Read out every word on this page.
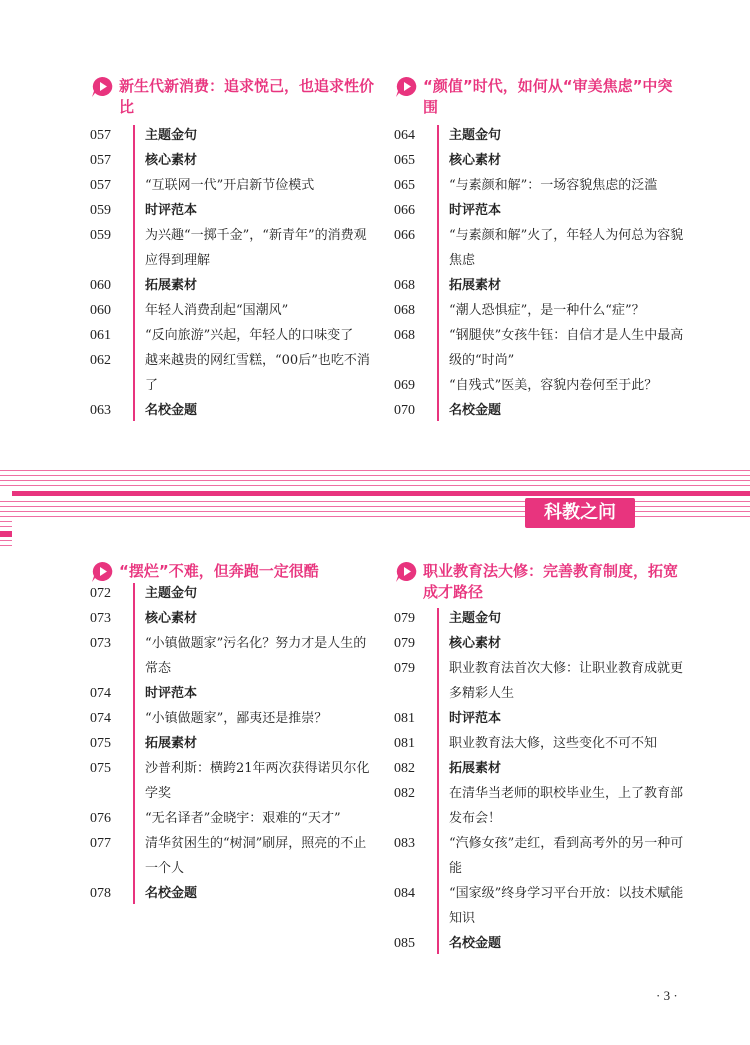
新生代新消费：追求悦己，也追求性价比
057	主题金句
057	核心素材
057	“互联网一代”开启新节俭模式
059	时评范本
059	为兴趣“一掷千金”，“新青年”的消费观应得到理解
060	拓展素材
060	年轻人消费刮起“国潮风”
061	“反向旅游”兴起，年轻人的口味变了
062	越来越贵的网红雪糕，“00后”也吃不消了
063	名校金题
“颜值”时代，如何从“审美焦虑”中突围
064	主题金句
065	核心素材
065	“与素颜和解”：一场容貌焦虑的泛滥
066	时评范本
066	“与素颜和解”火了，年轻人为何总为容貌焦虑
068	拓展素材
068	“潮人恐惧症”，是一种什么“症”？
068	“钢腿侠”女孩牛钰：自信才是人生中最高级的“时尚”
069	“自残式”医美，容貌内卷何至于此？
070	名校金题
科教之问
“摆烂”不难，但奔跑一定很酷
072	主题金句
073	核心素材
073	“小镇做题家”污名化？努力才是人生的常态
074	时评范本
074	“小镇做题家”，鄙夷还是推崇？
075	拓展素材
075	沙普利斯：横跨21年两次获得诺贝尔化学奖
076	“无名译者”金晓宇：艰难的“天才”
077	清华贫困生的“树洞”刷屏，照亮的不止一个人
078	名校金题
职业教育法大修：完善教育制度，拓宽成才路径
079	主题金句
079	核心素材
079	职业教育法首次大修：让职业教育成就更多精彩人生
081	时评范本
081	职业教育法大修，这些变化不可不知
082	拓展素材
082	在清华当老师的职校毕业生，上了教育部发布会！
083	“汽修女孩”走红，看到高考外的另一种可能
084	“国家级”终身学习平台开放：以技术赋能知识
085	名校金题
· 3 ·
